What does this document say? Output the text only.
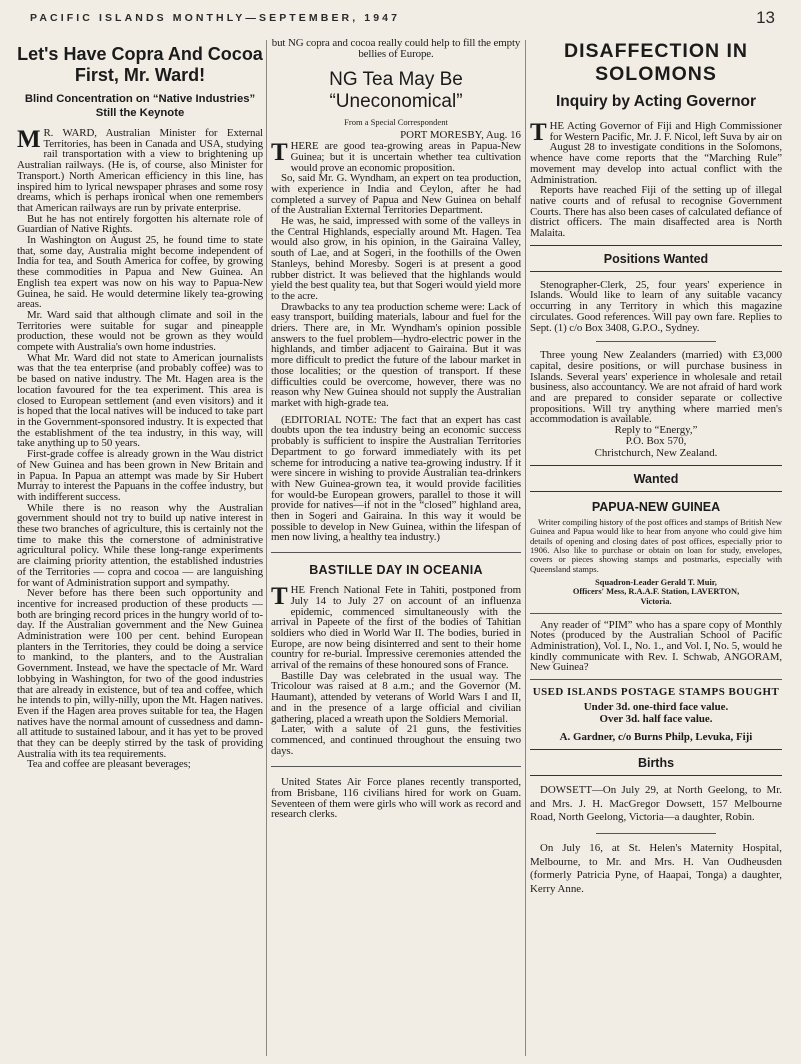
PACIFIC ISLANDS MONTHLY—SEPTEMBER, 1947	13
Let's Have Copra And Cocoa First, Mr. Ward!
Blind Concentration on “Native Industries” Still the Keynote

M R. WARD, Australian Minister for External Territories, has been in Canada and USA, studying rail transportation with a view to brightening up Australian railways. (He is, of course, also Minister for Transport.) North American efficiency in this line, has inspired him to lyrical newspaper phrases and some rosy dreams, which is perhaps ironical when one remembers that American railways are run by private enterprise.

But he has not entirely forgotten his alternate role of Guardian of Native Rights.

In Washington on August 25, he found time to state that, some day, Australia might become independent of India for tea, and South America for coffee, by growing these commodities in Papua and New Guinea. An English tea expert was now on his way to Papua-New Guinea, he said. He would determine likely tea-growing areas.

Mr. Ward said that although climate and soil in the Territories were suitable for sugar and pineapple production, these would not be grown as they would compete with Australia's own home industries.

What Mr. Ward did not state to American journalists was that the tea enterprise (and probably coffee) was to be based on native industry. The Mt. Hagen area is the location favoured for the tea experiment. This area is closed to European settlement (and even visitors) and it is hoped that the local natives will be induced to take part in the Government-sponsored industry. It is expected that the establishment of the tea industry, in this way, will take anything up to 50 years.

First-grade coffee is already grown in the Wau district of New Guinea and has been grown in New Britain and in Papua. In Papua an attempt was made by Sir Hubert Murray to interest the Papuans in the coffee industry, but with indifferent success.

While there is no reason why the Australian government should not try to build up native interest in these two branches of agriculture, this is certainly not the time to make this the cornerstone of administrative agricultural policy. While these long-range experiments are claiming priority attention, the established industries of the Territories — copra and cocoa — are languishing for want of Administration support and sympathy.

Never before has there been such opportunity and incentive for increased production of these products — both are bringing record prices in the hungry world of to-day. If the Australian government and the New Guinea Administration were 100 per cent. behind European planters in the Territories, they could be doing a service to mankind, to the planters, and to the Australian Government. Instead, we have the spectacle of Mr. Ward lobbying in Washington, for two of the good industries that are already in existence, but of tea and coffee, which he intends to pin, willy-nilly, upon the Mt. Hagen natives. Even if the Hagen area proves suitable for tea, the Hagen natives have the normal amount of cussedness and damn-all attitude to sustained labour, and it has yet to be proved that they can be deeply stirred by the task of providing Australia with its tea requirements.

Tea and coffee are pleasant beverages;

but NG copra and cocoa really could help to fill the empty bellies of Europe.

NG Tea May Be “Uneconomical”
From a Special Correspondent
PORT MORESBY, Aug. 16

THERE are good tea-growing areas in Papua-New Guinea; but it is uncertain whether tea cultivation would prove an economic proposition.

So, said Mr. G. Wyndham, an expert on tea production, with experience in India and Ceylon, after he had completed a survey of Papua and New Guinea on behalf of the Australian External Territories Department.

He was, he said, impressed with some of the valleys in the Central Highlands, especially around Mt. Hagen. Tea would also grow, in his opinion, in the Gairaina Valley, south of Lae, and at Sogeri, in the foothills of the Owen Stanleys, behind Moresby. Sogeri is at present a good rubber district. It was believed that the highlands would yield the best quality tea, but that Sogeri would yield more to the acre.

Drawbacks to any tea production scheme were: Lack of easy transport, building materials, labour and fuel for the driers. There are, in Mr. Wyndham's opinion possible answers to the fuel problem—hydro-electric power in the highlands, and timber adjacent to Gairaina. But it was more difficult to predict the future of the labour market in those localities; or the question of transport. If these difficulties could be overcome, however, there was no reason why New Guinea should not supply the Australian market with high-grade tea.

(EDITORIAL NOTE: The fact that an expert has cast doubts upon the tea industry being an economic success probably is sufficient to inspire the Australian Territories Department to go forward immediately with its pet scheme for introducing a native tea-growing industry. If it were sincere in wishing to provide Australian tea-drinkers with New Guinea-grown tea, it would provide facilities for would-be European growers, parallel to those it will provide for natives—if not in the “closed” highland area, then in Sogeri and Gairaina. In this way it would be possible to develop in New Guinea, within the lifespan of men now living, a healthy tea industry.)

BASTILLE DAY IN OCEANIA

THE French National Fete in Tahiti, postponed from July 14 to July 27 on account of an influenza epidemic, commenced simultaneously with the arrival in Papeete of the first of the bodies of Tahitian soldiers who died in World War II. The bodies, buried in Europe, are now being disinterred and sent to their home country for re-burial. Impressive ceremonies attended the arrival of the remains of these honoured sons of France.

Bastille Day was celebrated in the usual way. The Tricolour was raised at 8 a.m.; and the Governor (M. Haumant), attended by veterans of World Wars I and II, and in the presence of a large official and civilian gathering, placed a wreath upon the Soldiers Memorial.

Later, with a salute of 21 guns, the festivities commenced, and continued throughout the ensuing two days.

United States Air Force planes recently transported, from Brisbane, 116 civilians hired for work on Guam. Seventeen of them were girls who will work as record and research clerks.

DISAFFECTION IN SOLOMONS
Inquiry by Acting Governor

THE Acting Governor of Fiji and High Commissioner for Western Pacific, Mr. J. F. Nicol, left Suva by air on August 28 to investigate conditions in the Solomons, whence have come reports that the “Marching Rule” movement may develop into actual conflict with the Administration.

Reports have reached Fiji of the setting up of illegal native courts and of refusal to recognise Government Courts. There has also been cases of calculated defiance of district officers. The main disaffected area is North Malaita.

Positions Wanted

Stenographer-Clerk, 25, four years' experience in Islands. Would like to learn of any suitable vacancy occurring in any Territory in which this magazine circulates. Good references. Will pay own fare. Replies to Sept. (1) c/o Box 3408, G.P.O., Sydney.

Three young New Zealanders (married) with £3,000 capital, desire positions, or will purchase business in Islands. Several years' experience in wholesale and retail business, also accountancy. We are not afraid of hard work and are prepared to consider separate or collective propositions. Will try anything where married men's accommodation is available.

Reply to “Energy,”
P.O. Box 570,
Christchurch, New Zealand.
Wanted
PAPUA-NEW GUINEA

Writer compiling history of the post offices and stamps of British New Guinea and Papua would like to hear from anyone who could give him details of opening and closing dates of post offices, especially prior to 1906. Also like to purchase or obtain on loan for study, envelopes, covers or pieces showing stamps and postmarks, especially with Queensland stamps.

Squadron-Leader Gerald T. Muir,
Officers' Mess, R.A.A.F. Station, LAVERTON,
Victoria.

Any reader of “PIM” who has a spare copy of Monthly Notes (produced by the Australian School of Pacific Administration), Vol. I., No. 1., and Vol. I, No. 5, would he kindly communicate with Rev. I. Schwab, ANGORAM, New Guinea?

USED ISLANDS POSTAGE STAMPS BOUGHT
Under 3d. one-third face value.
Over 3d. half face value.
A. Gardner, c/o Burns Philp, Levuka, Fiji
Births

DOWSETT—On July 29, at North Geelong, to Mr. and Mrs. J. H. MacGregor Dowsett, 157 Melbourne Road, North Geelong, Victoria—a daughter, Robin.

On July 16, at St. Helen's Maternity Hospital, Melbourne, to Mr. and Mrs. H. Van Oudheusden (formerly Patricia Pyne, of Haapai, Tonga) a daughter, Kerry Anne.
